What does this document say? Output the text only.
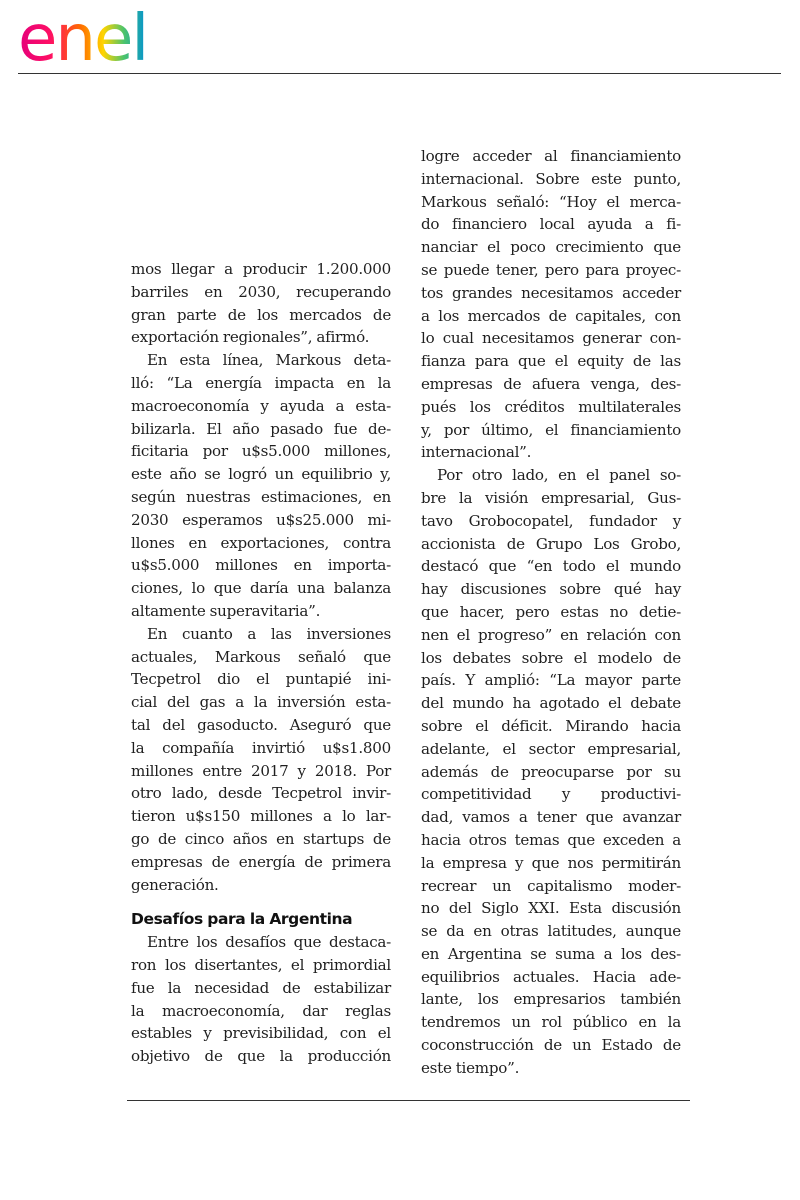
enel
mos llegar a producir 1.200.000
barriles en 2030, recuperando
gran parte de los mercados de
exportación regionales”, afirmó.
En esta línea, Markous deta-
lló: “La energía impacta en la
macroeconomía y ayuda a esta-
bilizarla. El año pasado fue de-
ficitaria por u$s5.000 millones,
este año se logró un equilibrio y,
según nuestras estimaciones, en
2030 esperamos u$s25.000 mi-
llones en exportaciones, contra
u$s5.000 millones en importa-
ciones, lo que daría una balanza
altamente superavitaria”.
En cuanto a las inversiones
actuales, Markous señaló que
Tecpetrol dio el puntapié ini-
cial del gas a la inversión esta-
tal del gasoducto. Aseguró que
la compañía invirtió u$s1.800
millones entre 2017 y 2018. Por
otro lado, desde Tecpetrol invir-
tieron u$s150 millones a lo lar-
go de cinco años en startups de
empresas de energía de primera
generación.
Desafíos para la Argentina
Entre los desafíos que destaca-
ron los disertantes, el primordial
fue la necesidad de estabilizar
la macroeconomía, dar reglas
estables y previsibilidad, con el
objetivo de que la producción
logre acceder al financiamiento
internacional. Sobre este punto,
Markous señaló: “Hoy el merca-
do financiero local ayuda a fi-
nanciar el poco crecimiento que
se puede tener, pero para proyec-
tos grandes necesitamos acceder
a los mercados de capitales, con
lo cual necesitamos generar con-
fianza para que el equity de las
empresas de afuera venga, des-
pués los créditos multilaterales
y, por último, el financiamiento
internacional”.
Por otro lado, en el panel so-
bre la visión empresarial, Gus-
tavo Grobocopatel, fundador y
accionista de Grupo Los Grobo,
destacó que “en todo el mundo
hay discusiones sobre qué hay
que hacer, pero estas no detie-
nen el progreso” en relación con
los debates sobre el modelo de
país. Y amplió: “La mayor parte
del mundo ha agotado el debate
sobre el déficit. Mirando hacia
adelante, el sector empresarial,
además de preocuparse por su
competitividad y productivi-
dad, vamos a tener que avanzar
hacia otros temas que exceden a
la empresa y que nos permitirán
recrear un capitalismo moder-
no del Siglo XXI. Esta discusión
se da en otras latitudes, aunque
en Argentina se suma a los des-
equilibrios actuales. Hacia ade-
lante, los empresarios también
tendremos un rol público en la
coconstrucción de un Estado de
este tiempo”.
